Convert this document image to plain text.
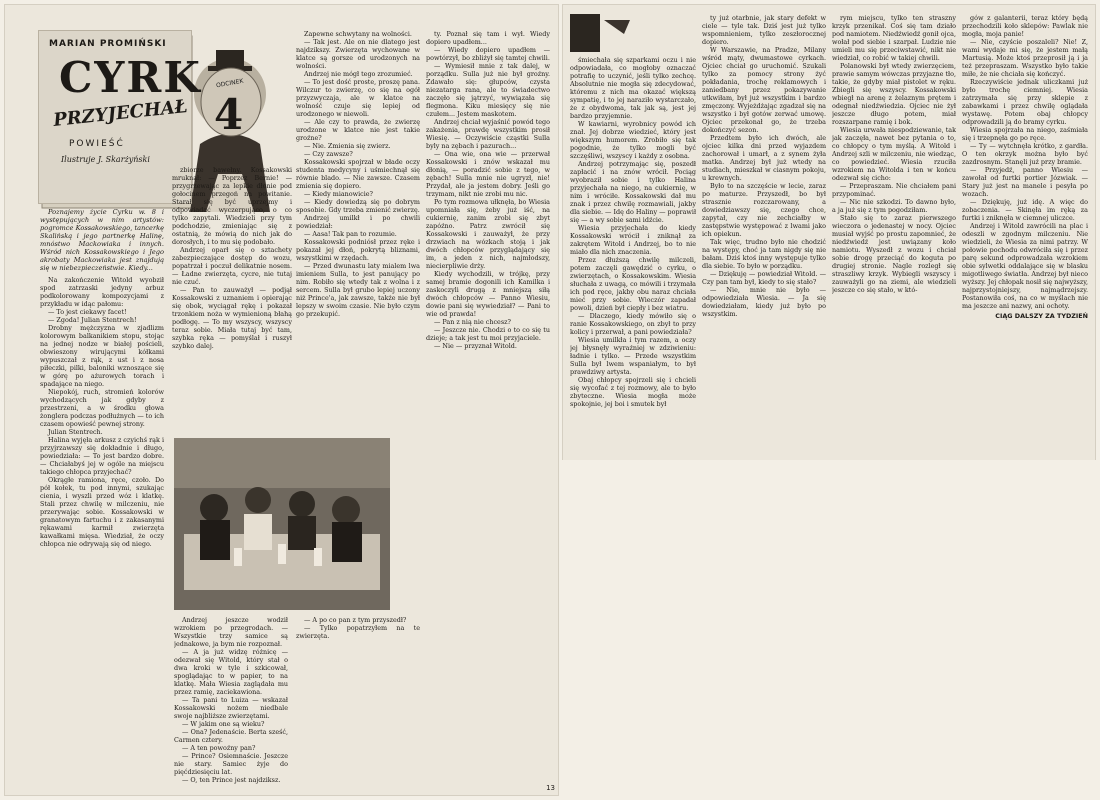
MARIAN PROMIŃSKI
CYRK
PRZYJECHAŁ
POWIEŚĆ
Ilustruje J. Skarżyński
ODCINEK
4

Poznajemy życie Cyrku w. 8 i występujących w nim artystów: pogromce Kossakowskiego, tancerkę Skalińską i jego partnerkę Halinę, mnóstwo Mackowiaka i innych. Wśród nich Kossakowskiego i Jego akrobaty Mackowiaka jest znajdują się w niebezpieczeństwie. Kiedy...

Na zakończenie Witold wyobził spod zatrzaski jedyny arbuz podkolorowany kompozycjami z przykładu w idąc pałomu:

— To jest ciekawy facet!

— Zgoda! Julian Stentrech!

Drobny mężczyzna w zjadlizm kolorowym balkanikiem stopu, stojąc na jednej nodze w białej pościeli, obwieszony wirującymi kółkami wypuszczał z rąk, z ust i z nosa piłeczki, pilki, baloniki wznoszące się w górę po ażurowych torach i spadające na niego.

Niepokój, ruch, stromień kolorów wychodzących jak gdyby z przestrzeni, a w środku głowa żonglera podczas podłużnych — to ich czasem opowieść pewnej strony.

Julian Stentrech.

Halina wyjęła arkusz z czyichś rąk i przyjrzawszy się dokładnie i długo, powiedziała: — To jest bardzo dobre. — Chciałabyś jej w ogóle na miejscu takiego chłopca przyjechać?

Okrągłe ramiona, ręce, czoło. Do pół kołek, tu pod innymi, szukając cienia, i wyszli przed wóz i klatkę. Stali przez chwilę w milczeniu, nie przerywając sobie. Kossakowski w granatowym fartuchu i z zakasanymi rękawami karmił zwierzęta kawałkami mięsa. Wiedział, że oczy chłopca nie odrywają się od niego.

zbiorze bawełny. Kossakowski mruknął: — Poprzez Bernie! — przygrzewając za lepkie dłonie pod gołocinem przegoń na powitanie. Starał się być uprzejmy i odpowiadać wyczerpująco, o co tylko zapytali. Wiedzieli przy tym podchodzie, zmieniając się z ostatnią, że mówią do nich jak do dorosłych, i to mu się podobało.

Andrzej oparł się o sztachety zabezpieczające dostęp do wozu, popatrzał i poczuł delikatnie nosem. — Ładne zwierzęta, cycre, nie tutaj nie czuć.

— Pan to zauważył — podjął Kossakowski z uznaniem i opierając się obok, wyciągał rękę i pokazał trzonkiem noża w wymienioną błahą podłogę. — To my wszyscy, wszyscy teraz sobie. Miała tutaj być tam, szybka ręka — pomyślał i ruszył szybko dalej.

Andrzej jeszcze wodził wzrokiem po przegrodach. — Wszystkie trzy samice są jednakowe, ja bym nie rozpoznał.

— A ja już widzę różnicę — odezwał się Witold, który stał o dwa kroki w tyle i szkicował, spoglądając to w papier, to na klatkę. Mała Wiesia zaglądała mu przez ramię, zaciekawiona.

— Ta pani to Luiza — wskazał Kossakowski nożem niedbale swoje najbliższe zwierzętami.

— W jakim one są wieku?

— Ona? Jedenaście. Berta sześć, Carmen cztery.

— A ten powoźny pan?

— Prince? Osiemnaście. Jeszcze nie stary. Samiec żyje do pięćdziesięciu lat.

— O, ten Prince jest najdziksz.

Zapewne schwytany na wolności.

— Tak jest. Ale on nie dlatego jest najdzikszy. Zwierzęta wychowane w klatce są gorsze od urodzonych na wolności.

Andrzej nie mógł tego zrozumieć.

— To jest dość proste, proszę pana. Wilczur to zwierzę, co się na ogół przyzwyczaja, ale w klatce na wolność czuje się lepiej od urodzonego w niewoli.

— Ale czy to prawda, że zwierzę urodzone w klatce nie jest takie groźne?

— Nie. Zmienia się zwierz.

— Czy zawsze?

Kossakowski spojrzał w błade oczy studenta medycyny i uśmiechnął się równie blado. — Nie zawsze. Czasem zmienia się dopiero.

— Kiedy mianowicie?

— Kiedy dowiedzą się po dobrym sposobie. Gdy trzeba zmienić zwierzę.

Andrzej umilkł i po chwili powiedział:

— Aasa! Tak pan to rozumie.

Kossakowski podniósł przez ręke i pokazał jej dłoń, pokrytą bliznami, wszystkimi w rzędach.

— Przed dwunastu laty mialem lwa imieniem Sulla, to jest panujący po nim. Robiło się wtedy tak z wolna i z sercem. Sulla był grubo lepiej uczony niż Prince'a, jak zawsze, także nie był lepszy w swoim czasie. Nie było czym go przekupić.

— A po co pan z tym przyszedł?

— Tylko popatrzyłem na te zwierzęta.

ty. Poznał się tam i wył. Wiedy dopiero upadłem...

— Wiedy dopiero upadłem — powtórzył, bo zbliżył się tamtej chwili.

— Wymiesił mnie z tak dalej, w porządku. Sulla już nie był groźny. Zdawało się: głupców, czysta niezatarga rana, ale to świadectwo zaczęło się jątrzyć, wywiązała się flegmona. Kiku miesięcy się nie czułem... Jestem maskotem.

Andrzej chciał wyjaśnić powód tego zakażenia, prawdę wszystkim prosił Wiesię. — Oczywiście cząstki Sulla byly na zębach i pazurach...

— Ona wie, ona wie — przerwał Kossakowski i znów wskazał mu dłonią, — poradzić sobie z tego, w zębach! Sulla mnie nie ugryzł, nie! Przydał, ale ja jestem dobry. Jeśli go trzymam, nikt nie zrobi mu nic.

Po tym rozmowa ułknęła, bo Wiesia upomniała się, żeby już iść, na cukiernię, zanim zrobi się zbyt zapóźno. Patrz zwrócił się Kossakowski i zauważył, że przy drzwiach na wózkach stoją i jak dwóch chłopców przyglądający się im, a jeden z nich, najmłodszy, niecierpliwie drży.

Kiedy wychodzili, w trójkę, przy samej bramie dogonili ich Kamilka i zaskoczyli drugą z mniejszą siłą dwóch chłopców — Panno Wiesiu, dowie pani się wywiedział? — Pani to wie od prawda!

— Pan z nią nie chcesz?

— Jeszcze nie. Chodzi o to co się tu dzieje; a tak jest tu moi przyjaciele.

— Nie — przyznał Witold.

13

śmiechała się szparkami oczu i nie odpowiadała, co mogłoby oznaczać potrafię to uczynić, jeśli tylko zechcę. Absolutnie nie mogła się zdecydować, któremu z nich ma okazać większą sympatię, i to jej naraziło wystarczało, że z obydwoma, tak jak są, jest jej bardzo przyjemnie.

W kawiarni, wyrobnicy powód ich znał. Jej dobrze wiedzieć, który jest większym humorem. Zrobiło się tak pogodnie, że tylko mogli być szczęśliwi, wszyscy i każdy z osobna.

Andrzej potrzymając się, poszedł zapłacić i na znów wrócił. Pociąg wyobraził sobie i tylko Halina przyjechała na niego, na cukiernię, w nim i wróciłe. Kossakowski dał mu znak i przez chwilę rozmawiali, jakby dla siebie. — Idę do Haliny — poprawił się — a wy sobie sami idźcie.

Wiesia przyjechała do kiedy Kossakowski wrócił i zniknął za zakrętem Witold i Andrzej, bo to nie miało dla nich znaczenia.

Przez dłuższą chwilę milczeli, potem zaczęli gawędzić o cyrku, o zwierzętach, o Kossakowskim. Wiesia słuchała z uwagą, co mówili i trzymała ich pod ręce, jakby obu naraz chciała mieć przy sobie. Wieczór zapadał powoli, dzień był ciepły i bez wiatru.

— Dlaczego, kiedy mówiło się o ranie Kossakowskiego, on zbył to przy kolicy i przerwał, a pani powiedziała?

Wiesia umilkła i tym razem, a oczy jej błysnęły wyraźniej w zdziwieniu: ładnie i tylko. — Przede wszystkim Sulla był lwem wspaniałym, to był prawdziwy artysta.

Obaj chłopcy spojrzeli się i chcieli się wycofać z tej rozmowy, ale to było zbyteczne. Wiesia mogła może spokojnie, jej boi i smutek był

ty już otarbnie, jak stary defekt w ciele — tyle tak. Dziś jest już tylko wspomnieniem, tylko zeszłorocznej dopiero.

W Warszawie, na Pradze, Milany wśród mąty, dwumastowe cyrkach. Ojciec chciał go uruchomić. Szukali tylko za pomocy strony żyć pokładania, trochę reklamowych i zaniedbany przez pokazywanie utkwiłam, był już wszystkim i bardzo zmęczony. Wyjeżdżając zgadzał się na wszystko i był gotów zerwać umowę. Ojciec przekonał go, że trzeba dokończyć sezon.

Przedtem było ich dwóch, ale ojciec kilka dni przed wyjazdem zachorował i umarł, a z synem żyła matka. Andrzej był już wtedy na studiach, mieszkał w ciasnym pokoju, u krewnych.

Było to na szczęście w lecie, zaraz po maturze. Przyszedł, bo był strasznie rozczarowany, a dowiedziawszy się, czego chce, zapytał, czy nie zechciałby w zastępstwie występować z lwami jako ich opiekun.

Tak więc, trudno było nie chodzić na występy, choć ja tam nigdy się nie bałam. Dziś ktoś inny występuje tylko dla siebie. To było w porządku.

— Dziękuję — powiedział Witold. — Czy pan tam był, kiedy to się stało?

— Nie, mnie nie było — odpowiedziała Wiesia. — Ja się dowiedziałam, kiedy już było po wszystkim.

rym miejscu, tylko ten straszny krzyk przenikał. Coś się tam działo pod namiotem. Niedźwiedź gonił ojca, wołał pod siebie i szarpał. Ludzie nie umieli mu się przeciwstawić, nikt nie wiedział, co robić w takiej chwili.

Polanowski był wtedy zwierzęciem, prawie samym wówczas przyjazne tło, takie, że gdyby miał pistolet w ręku. Zbiegli się wszyscy. Kossakowski wbiegł na arenę z żelaznym prętem i odegnał niedźwiedzia. Ojciec nie żył jeszcze długo potem, miał rozszarpane ramię i bok.

Wiesia urwała niespodziewanie, tak jak zaczęła, nawet bez pytania o to, co chłopcy o tym myślą. A Witold i Andrzej szli w milczeniu, nie wiedząc, co powiedzieć. Wiesia rzuciła wzrokiem na Witolda i ten w końcu odezwał się cicho:

— Przepraszam. Nie chciałem pani przypominać.

— Nic nie szkodzi. To dawno było, a ja już się z tym pogodziłam.

Stało się to zaraz pierwszego wieczora o jedenastej w nocy. Ojciec musiał wyjść po prostu zapomnieć, że niedźwiedź jest uwiązany koło namiotu. Wyszedł z wozu i chciał sobie drogę przeciąć do koguta po drugiej stronie. Nagle rozległ się straszliwy krzyk. Wybiegli wszyscy i zauważyli go na ziemi, ale wiedzieli jeszcze co się stało, w któ-

gów z galanterii, teraz który będą przechodzili koło sklepów: Pawlak nie mogła, moja panie!

— Nie, czyście poszaleli? Nie! Z, wami wydaje mi się, że jestem małą Martusią. Może ktoś przeprosił ją i ja też przepraszam. Wszystko było takie miłe, że nie chciała się kończyć.

Rzeczywiście jednak uliczkami już było trochę ciemniej. Wiesia zatrzymała się przy sklepie z zabawkami i przez chwilę oglądała wystawę. Potem obaj chłopcy odprowadzili ją do bramy cyrku.

Wiesia spojrzała na niego, zaśmiała się i trzepnęła go po ręce.

— Ty — wytchnęła krótko, z gardła. O ten okrzyk można było być zazdrosnym. Stanęli już przy bramie.

— Przyjedź, panno Wiesiu — zawołał od furtki portier Józwiak. — Stary już jest na manele i pesyła po wozach.

— Dziękuję, już idę. A więc do zobaczenia. — Skinęła im ręką za furtki i zniknęła w ciemnej uliczce.

Andrzej i Witold zawrócili na plac i odeszli w zgodnym milczeniu. Nie wiedzieli, że Wiesia za nimi patrzy. W połowie pochodu odwróciła się i przez parę sekund odprowadzała wzrokiem obie sylwetki oddalające się w blasku migotliwego światła. Andrzej był nieco wyższy. Jej chłopak nosił się najwyższy, najprzystojniejszy, najmądrzejszy. Postanowiła coś, na co w myślach nie ma jeszcze ani nazwy, ani ochoty.

CIĄG DALSZY ZA TYDZIEŃ
